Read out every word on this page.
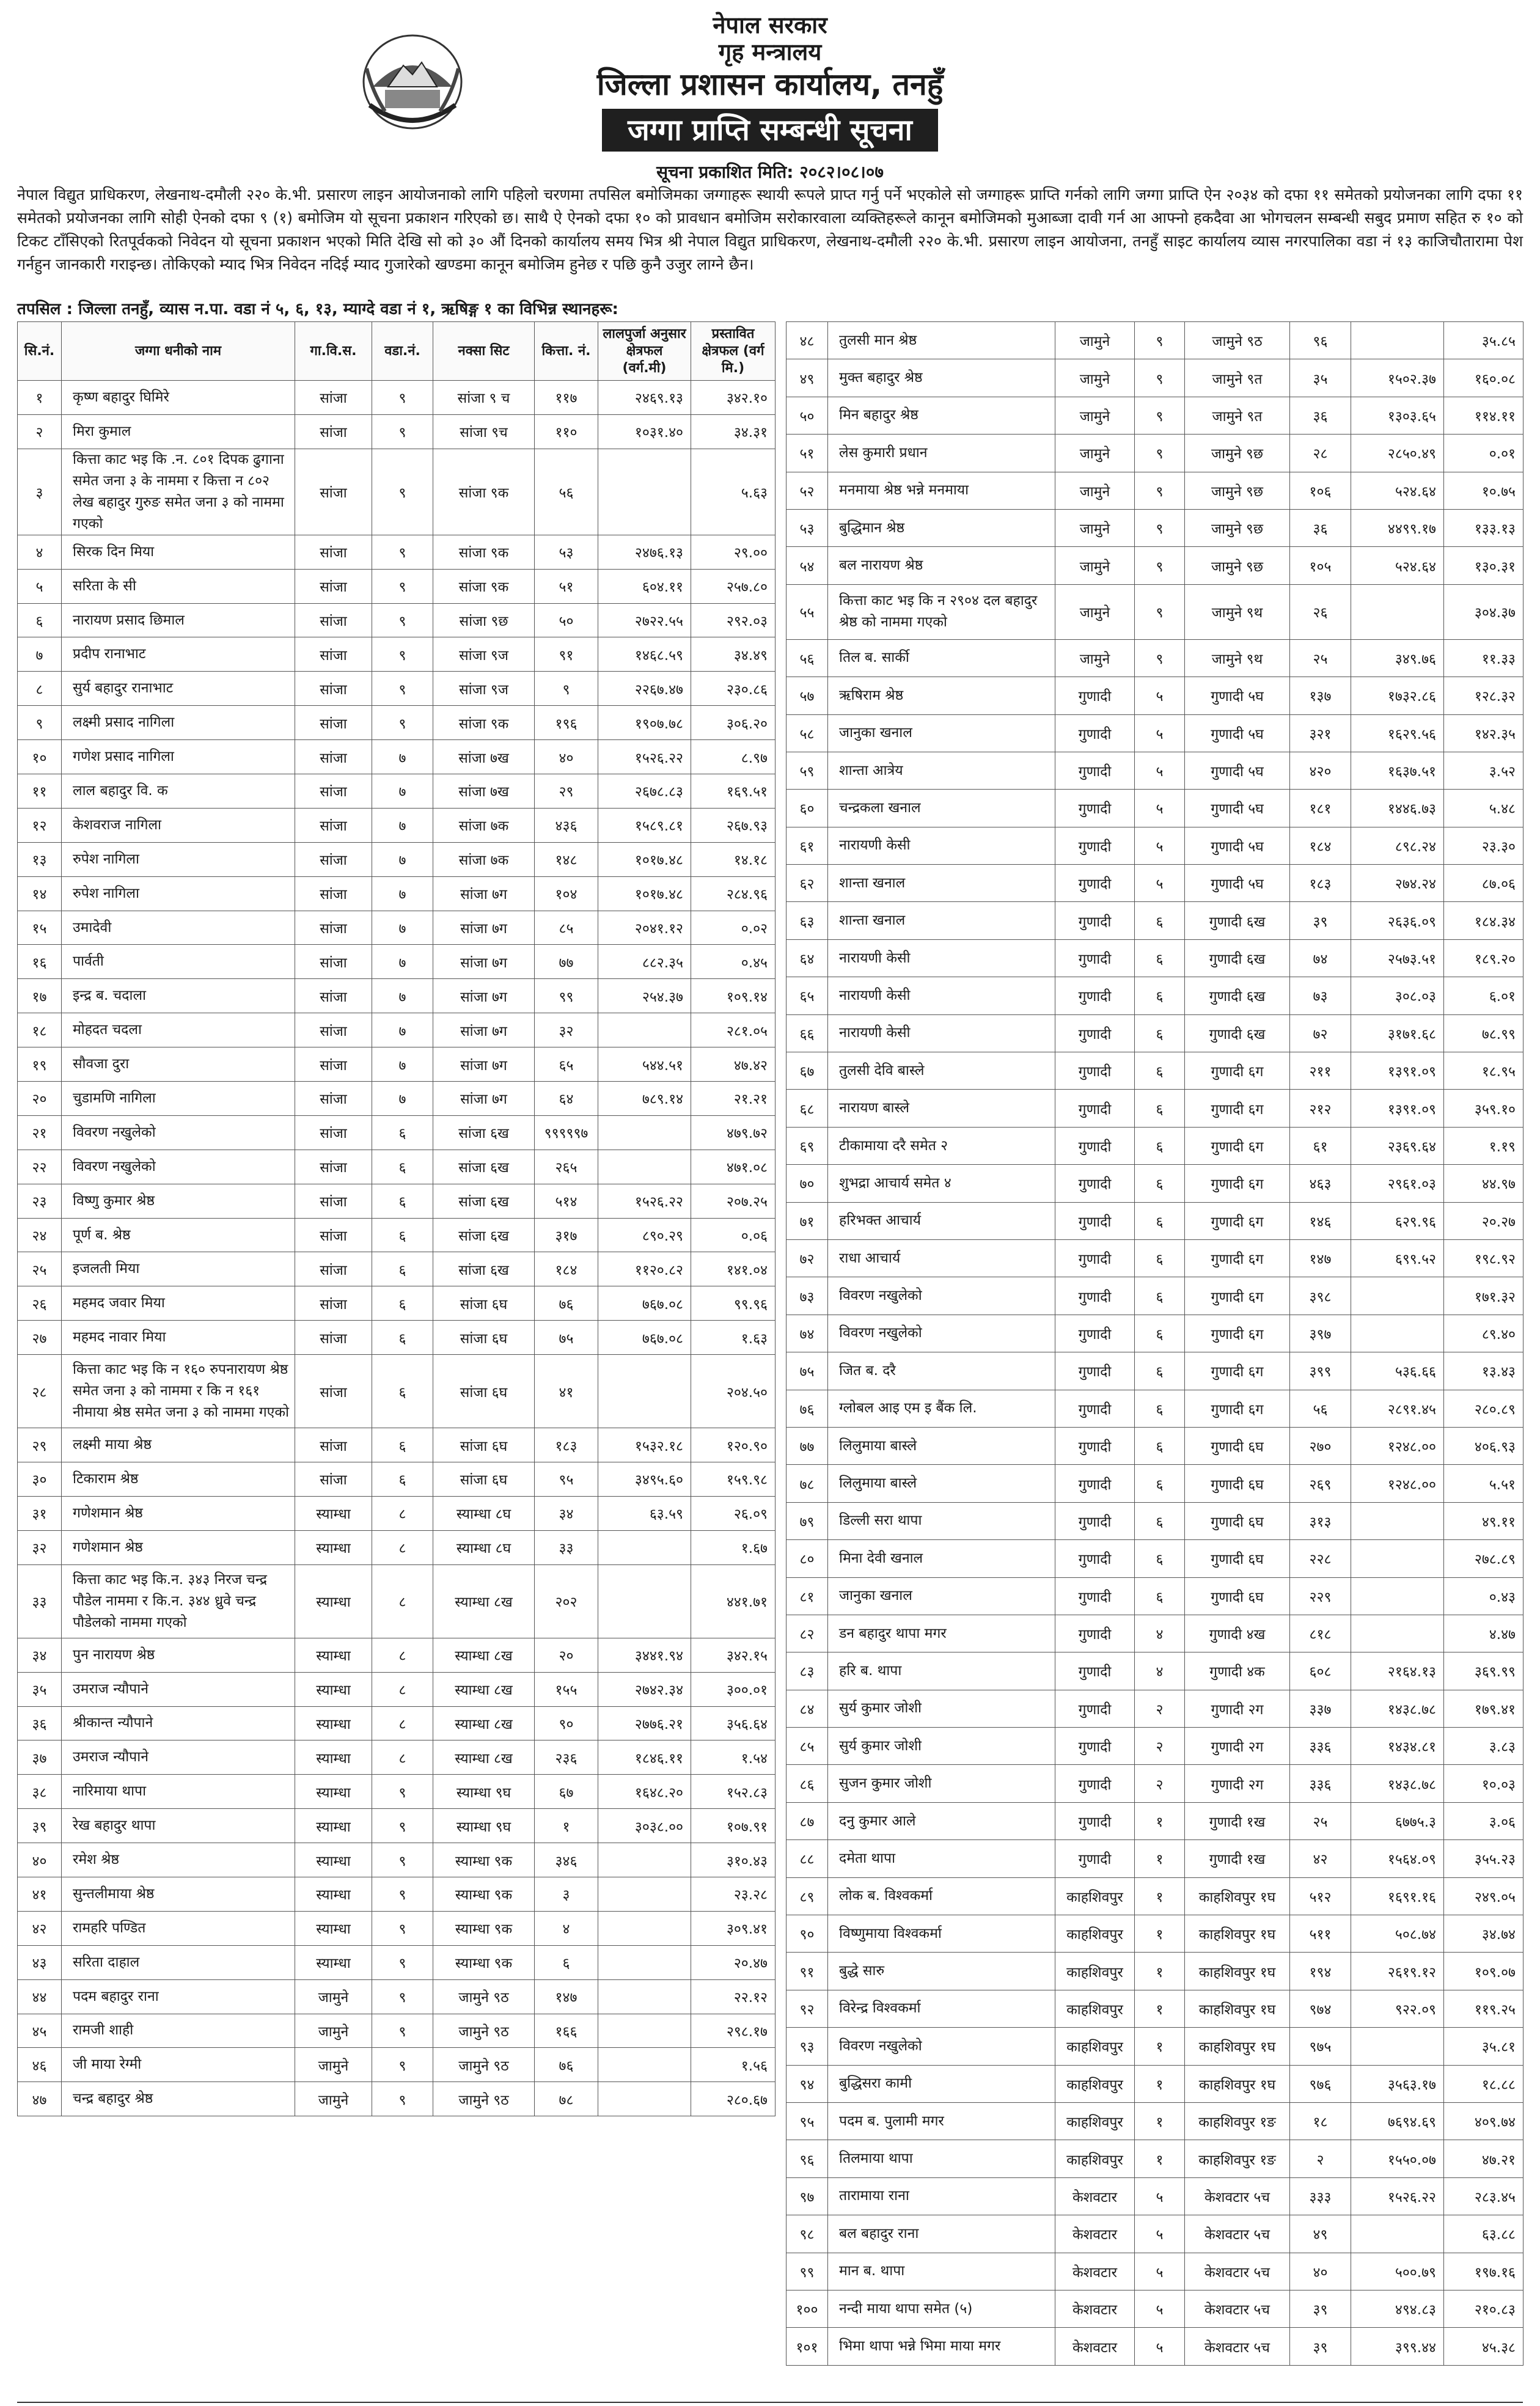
नेपाल सरकार
गृह मन्त्रालय
जिल्ला प्रशासन कार्यालय, तनहुँ
जग्गा प्राप्ति सम्बन्धी सूचना
सूचना प्रकाशित मिति: २०८२।०८।०७
नेपाल विद्युत प्राधिकरण, लेखनाथ-दमौली २२० के.भी. प्रसारण लाइन आयोजनाको लागि पहिलो चरणमा तपसिल बमोजिमका जग्गाहरू स्थायी रूपले प्राप्त गर्नु पर्ने भएकोले सो जग्गाहरू प्राप्ति गर्नको लागि जग्गा प्राप्ति ऐन २०३४ को दफा ११ समेतको प्रयोजनका लागि दफा ११ समेतको प्रयोजनका लागि सोही ऐनको दफा ९ (१) बमोजिम यो सूचना प्रकाशन गरिएको छ। साथै ऐ ऐनको दफा १० को प्रावधान बमोजिम सरोकारवाला व्यक्तिहरूले कानून बमोजिमको मुआब्जा दावी गर्न आ आफ्नो हकदैवा आ भोगचलन सम्बन्धी सबुद प्रमाण सहित रु १० को टिकट टाँसिएको रितपूर्वकको निवेदन यो सूचना प्रकाशन भएको मिति देखि सो को ३० औं दिनको कार्यालय समय भित्र श्री नेपाल विद्युत प्राधिकरण, लेखनाथ-दमौली २२० के.भी. प्रसारण लाइन आयोजना, तनहुँ साइट कार्यालय व्यास नगरपालिका वडा नं १३ काजिचौतारामा पेश गर्नहुन जानकारी गराइन्छ। तोकिएको म्याद भित्र निवेदन नदिई म्याद गुजारेको खण्डमा कानून बमोजिम हुनेछ र पछि कुनै उजुर लाग्ने छैन।
तपसिल : जिल्ला तनहुँ, व्यास न.पा. वडा नं ५, ६, १३, म्याग्दे वडा नं १, ऋषिङ्ग १ का विभिन्न स्थानहरू:
सि.नं.	जग्गा धनीको नाम	गा.वि.स.	वडा.नं.	नक्सा सिट	कित्ता. नं.	लालपुर्जा अनुसार क्षेत्रफल (वर्ग.मी)	प्रस्तावित क्षेत्रफल (वर्ग मि.)
१	कृष्ण बहादुर घिमिरे	सांजा	९	सांजा ९ च	११७	२४६९.१३	३४२.१०
२	मिरा कुमाल	सांजा	९	सांजा ९च	११०	१०३१.४०	३४.३१
३	कित्ता काट भइ कि .न. ८०१ दिपक ढुगाना समेत जना ३ के नाममा र कित्ता न ८०२ लेख बहादुर गुरुङ समेत जना ३ को नाममा गएको	सांजा	९	सांजा ९क	५६		५.६३
४	सिरक दिन मिया	सांजा	९	सांजा ९क	५३	२४७६.१३	२९.००
५	सरिता के सी	सांजा	९	सांजा ९क	५१	६०४.११	२५७.८०
६	नारायण प्रसाद छिमाल	सांजा	९	सांजा ९छ	५०	२७२२.५५	२९२.०३
७	प्रदीप रानाभाट	सांजा	९	सांजा ९ज	९१	१४६८.५९	३४.४९
८	सुर्य बहादुर रानाभाट	सांजा	९	सांजा ९ज	९	२२६७.४७	२३०.८६
९	लक्ष्मी प्रसाद नागिला	सांजा	९	सांजा ९क	१९६	१९०७.७८	३०६.२०
१०	गणेश प्रसाद नागिला	सांजा	७	सांजा ७ख	४०	१५२६.२२	८.९७
११	लाल बहादुर वि. क	सांजा	७	सांजा ७ख	२९	२६७८.८३	१६९.५१
१२	केशवराज नागिला	सांजा	७	सांजा ७क	४३६	१५८९.८१	२६७.९३
१३	रुपेश नागिला	सांजा	७	सांजा ७क	१४८	१०१७.४८	१४.१८
१४	रुपेश नागिला	सांजा	७	सांजा ७ग	१०४	१०१७.४८	२८४.९६
१५	उमादेवी	सांजा	७	सांजा ७ग	८५	२०४१.१२	०.०२
१६	पार्वती	सांजा	७	सांजा ७ग	७७	८८२.३५	०.४५
१७	इन्द्र ब. चदाला	सांजा	७	सांजा ७ग	९९	२५४.३७	१०९.१४
१८	मोहदत चदला	सांजा	७	सांजा ७ग	३२		२८१.०५
१९	सौवजा दुरा	सांजा	७	सांजा ७ग	६५	५४४.५१	४७.४२
२०	चुडामणि नागिला	सांजा	७	सांजा ७ग	६४	७८९.१४	२१.२१
२१	विवरण नखुलेको	सांजा	६	सांजा ६ख	९९९९९७		४७९.७२
२२	विवरण नखुलेको	सांजा	६	सांजा ६ख	२६५		४७१.०८
२३	विष्णु कुमार श्रेष्ठ	सांजा	६	सांजा ६ख	५१४	१५२६.२२	२०७.२५
२४	पूर्ण ब. श्रेष्ठ	सांजा	६	सांजा ६ख	३१७	८९०.२९	०.०६
२५	इजलती मिया	सांजा	६	सांजा ६ख	१८४	११२०.८२	१४१.०४
२६	महमद जवार मिया	सांजा	६	सांजा ६घ	७६	७६७.०८	९९.९६
२७	महमद नावार मिया	सांजा	६	सांजा ६घ	७५	७६७.०८	१.६३
२८	कित्ता काट भइ कि न १६० रुपनारायण श्रेष्ठ समेत जना ३ को नाममा र कि न १६१ नीमाया श्रेष्ठ समेत जना ३ को नाममा गएको	सांजा	६	सांजा ६घ	४१		२०४.५०
२९	लक्ष्मी माया श्रेष्ठ	सांजा	६	सांजा ६घ	१८३	१५३२.१८	१२०.९०
३०	टिकाराम श्रेष्ठ	सांजा	६	सांजा ६घ	९५	३४९५.६०	१५९.९८
३१	गणेशमान श्रेष्ठ	स्याम्धा	८	स्याम्धा ८घ	३४	६३.५९	२६.०९
३२	गणेशमान श्रेष्ठ	स्याम्धा	८	स्याम्धा ८घ	३३		१.६७
३३	कित्ता काट भइ कि.न. ३४३ निरज चन्द्र पौडेल नाममा र कि.न. ३४४ ध्रुवे चन्द्र पौडेलको नाममा गएको	स्याम्धा	८	स्याम्धा ८ख	२०२		४४१.७१
३४	पुन नारायण श्रेष्ठ	स्याम्धा	८	स्याम्धा ८ख	२०	३४४१.९४	३४२.१५
३५	उमराज न्यौपाने	स्याम्धा	८	स्याम्धा ८ख	१५५	२७४२.३४	३००.०१
३६	श्रीकान्त न्यौपाने	स्याम्धा	८	स्याम्धा ८ख	९०	२७७६.२१	३५६.६४
३७	उमराज न्यौपाने	स्याम्धा	८	स्याम्धा ८ख	२३६	१८४६.११	१.५४
३८	नारिमाया थापा	स्याम्धा	९	स्याम्धा ९घ	६७	१६४८.२०	१५२.८३
३९	रेख बहादुर थापा	स्याम्धा	९	स्याम्धा ९घ	१	३०३८.००	१०७.९१
४०	रमेश श्रेष्ठ	स्याम्धा	९	स्याम्धा ९क	३४६		३१०.४३
४१	सुन्तलीमाया श्रेष्ठ	स्याम्धा	९	स्याम्धा ९क	३		२३.२८
४२	रामहरि पण्डित	स्याम्धा	९	स्याम्धा ९क	४		३०९.४१
४३	सरिता दाहाल	स्याम्धा	९	स्याम्धा ९क	६		२०.४७
४४	पदम बहादुर राना	जामुने	९	जामुने ९ठ	१४७		२२.१२
४५	रामजी शाही	जामुने	९	जामुने ९ठ	१६६		२९८.१७
४६	जी माया रेग्मी	जामुने	९	जामुने ९ठ	७६		१.५६
४७	चन्द्र बहादुर श्रेष्ठ	जामुने	९	जामुने ९ठ	७८		२८०.६७
४८	तुलसी मान श्रेष्ठ	जामुने	९	जामुने ९ठ	९६		३५.८५
४९	मुक्त बहादुर श्रेष्ठ	जामुने	९	जामुने ९त	३५	१५०२.३७	१६०.०८
५०	मिन बहादुर श्रेष्ठ	जामुने	९	जामुने ९त	३६	१३०३.६५	११४.११
५१	लेस कुमारी प्रधान	जामुने	९	जामुने ९छ	२८	२८५०.४९	०.०१
५२	मनमाया श्रेष्ठ भन्ने मनमाया	जामुने	९	जामुने ९छ	१०६	५२४.६४	१०.७५
५३	बुद्धिमान श्रेष्ठ	जामुने	९	जामुने ९छ	३६	४४९९.१७	१३३.१३
५४	बल नारायण श्रेष्ठ	जामुने	९	जामुने ९छ	१०५	५२४.६४	१३०.३१
५५	कित्ता काट भइ कि न २९०४ दल बहादुर श्रेष्ठ को नाममा गएको	जामुने	९	जामुने ९थ	२६		३०४.३७
५६	तिल ब. सार्की	जामुने	९	जामुने ९थ	२५	३४९.७६	११.३३
५७	ऋषिराम श्रेष्ठ	गुणादी	५	गुणादी ५घ	१३७	१७३२.८६	१२८.३२
५८	जानुका खनाल	गुणादी	५	गुणादी ५घ	३२१	१६२९.५६	१४२.३५
५९	शान्ता आत्रेय	गुणादी	५	गुणादी ५घ	४२०	१६३७.५१	३.५२
६०	चन्द्रकला खनाल	गुणादी	५	गुणादी ५घ	१८१	१४४६.७३	५.४८
६१	नारायणी केसी	गुणादी	५	गुणादी ५घ	१८४	८९८.२४	२३.३०
६२	शान्ता खनाल	गुणादी	५	गुणादी ५घ	१८३	२७४.२४	८७.०६
६३	शान्ता खनाल	गुणादी	६	गुणादी ६ख	३९	२६३६.०९	१८४.३४
६४	नारायणी केसी	गुणादी	६	गुणादी ६ख	७४	२५७३.५१	१८९.२०
६५	नारायणी केसी	गुणादी	६	गुणादी ६ख	७३	३०८.०३	६.०१
६६	नारायणी केसी	गुणादी	६	गुणादी ६ख	७२	३१७१.६८	७८.९९
६७	तुलसी देवि बास्ले	गुणादी	६	गुणादी ६ग	२११	१३९१.०९	१८.९५
६८	नारायण बास्ले	गुणादी	६	गुणादी ६ग	२१२	१३९१.०९	३५९.१०
६९	टीकामाया दरै समेत २	गुणादी	६	गुणादी ६ग	६१	२३६९.६४	१.१९
७०	शुभद्रा आचार्य समेत ४	गुणादी	६	गुणादी ६ग	४६३	२९६१.०३	४४.९७
७१	हरिभक्त आचार्य	गुणादी	६	गुणादी ६ग	१४६	६२९.९६	२०.२७
७२	राधा आचार्य	गुणादी	६	गुणादी ६ग	१४७	६९९.५२	१९८.९२
७३	विवरण नखुलेको	गुणादी	६	गुणादी ६ग	३९८		१७१.३२
७४	विवरण नखुलेको	गुणादी	६	गुणादी ६ग	३९७		८९.४०
७५	जित ब. दरै	गुणादी	६	गुणादी ६ग	३९९	५३६.६६	१३.४३
७६	ग्लोबल आइ एम इ बैंक लि.	गुणादी	६	गुणादी ६ग	५६	२८९१.४५	२८०.८९
७७	लिलुमाया बास्ले	गुणादी	६	गुणादी ६घ	२७०	१२४८.००	४०६.९३
७८	लिलुमाया बास्ले	गुणादी	६	गुणादी ६घ	२६९	१२४८.००	५.५१
७९	डिल्ली सरा थापा	गुणादी	६	गुणादी ६घ	३१३		४९.११
८०	मिना देवी खनाल	गुणादी	६	गुणादी ६घ	२२८		२७८.८९
८१	जानुका खनाल	गुणादी	६	गुणादी ६घ	२२९		०.४३
८२	डन बहादुर थापा मगर	गुणादी	४	गुणादी ४ख	८१८		४.४७
८३	हरि ब. थापा	गुणादी	४	गुणादी ४क	६०८	२१६४.१३	३६९.९९
८४	सुर्य कुमार जोशी	गुणादी	२	गुणादी २ग	३३७	१४३८.७८	१७९.४१
८५	सुर्य कुमार जोशी	गुणादी	२	गुणादी २ग	३३६	१४३४.८१	३.८३
८६	सुजन कुमार जोशी	गुणादी	२	गुणादी २ग	३३६	१४३८.७८	१०.०३
८७	दनु कुमार आले	गुणादी	१	गुणादी १ख	२५	६७७५.३	३.०६
८८	दमेता थापा	गुणादी	१	गुणादी १ख	४२	१५६४.०९	३५५.२३
८९	लोक ब. विश्वकर्मा	काहशिवपुर	१	काहशिवपुर १घ	५१२	१६९१.१६	२४९.०५
९०	विष्णुमाया विश्वकर्मा	काहशिवपुर	१	काहशिवपुर १घ	५११	५०८.७४	३४.७४
९१	बुद्धे सारु	काहशिवपुर	१	काहशिवपुर १घ	१९४	२६१९.१२	१०९.०७
९२	विरेन्द्र विश्वकर्मा	काहशिवपुर	१	काहशिवपुर १घ	९७४	९२२.०९	११९.२५
९३	विवरण नखुलेको	काहशिवपुर	१	काहशिवपुर १घ	९७५		३५.८१
९४	बुद्धिसरा कामी	काहशिवपुर	१	काहशिवपुर १घ	९७६	३५६३.१७	१८.८८
९५	पदम ब. पुलामी मगर	काहशिवपुर	१	काहशिवपुर १ङ	१८	७६९४.६९	४०९.७४
९६	तिलमाया थापा	काहशिवपुर	१	काहशिवपुर १ङ	२	१५५०.०७	४७.२१
९७	तारामाया राना	केशवटार	५	केशवटार ५च	३३३	१५२६.२२	२८३.४५
९८	बल बहादुर राना	केशवटार	५	केशवटार ५च	४९		६३.८८
९९	मान ब. थापा	केशवटार	५	केशवटार ५च	४०	५००.७९	१९७.१६
१००	नन्दी माया थापा समेत (५)	केशवटार	५	केशवटार ५च	३९	४९४.८३	२१०.८३
१०१	भिमा थापा भन्ने भिमा माया मगर	केशवटार	५	केशवटार ५च	३९	३९९.४४	४५.३८
